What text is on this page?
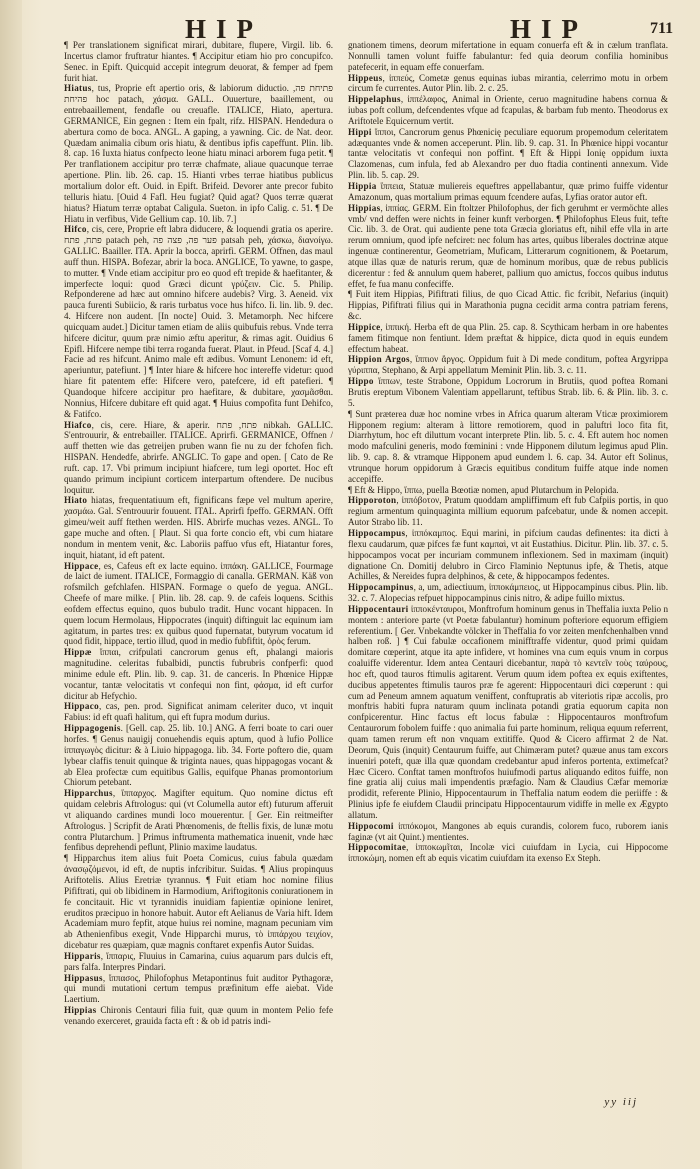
HIP	HIP	711

¶ Per translationem significat mirari, dubitare, flupere, Virgil. lib. 6. Incertus clamor fruftratur hiantes. ¶ Accipitur etiam hio pro concupifco. Senec. in Epift. Quicquid accepit integrum deuorat, & femper ad fpem furit hiat.

Hiatus, tus, Proprie eft apertio oris, & labiorum diductio. פתיחת פה, פהיחת hoc patach, χάσμα. GALL. Ouuerture, baaillement, ou entrebaaillement, fendafle ou creuafle. ITALICE, Hiato, apertura. GERMANICE, Ein gegnen : Item ein fpalt, rifz. HISPAN. Hendedura o abertura como de boca. ANGL. A gaping, a yawning. Cic. de Nat. deor. Quædam animalia cibum oris hiatu, & dentibus ipfis capeffunt. Plin. lib. 8. cap. 16 Iuxta hiatus confpecto leone hiatu minaci arborem fuga petit. ¶ Per tranflationem accipitur pro terræ chafmate, aliaue quacunque terrae apertione. Plin. lib. 26. cap. 15. Hianti vrbes terrae hiatibus publicus mortalium dolor eft. Ouid. in Epift. Brifeid. Devorer ante precor fubito telluris hiatu. [Ouid 4 Fafl. Heu fugiat? Quid agat? Quos terræ quærat hiatus? Hiatum terræ optabat Caligula. Sueton. in ipfo Calig. c. 51. ¶ De Hiatu in verfibus, Vide Gellium cap. 10. lib. 7.]

Hifco, cis, cere, Proprie eft labra diducere, & loquendi gratia os aperire. פתח, פתח patach peh, פער פה, פצה פה patsah peh, χάσκω, διανοίγω. GALLIC. Baailler. ITA. Aprir la bocca, aprirfi. GERM. Offnen, das maul auff thun. HISPA. Bofezar, abrir la boca. ANGLICE, To yawne, to gaspe, to mutter. ¶ Vnde etiam accipitur pro eo quod eft trepide & haefitanter, & imperfecte loqui: quod Græci dicunt γρύζειν. Cic. 5. Philip. Refponderene ad hæc aut omnino hifcere audebis? Virg. 3. Aeneid. vix pauca furenti Subiicio, & raris turbatus voce hus hifco. Ii. lin. lib. 9. dec. 4. Hifcere non audent. [In nocte] Ouid. 3. Metamorph. Nec hifcere quicquam audet.] Dicitur tamen etiam de aliis quibufuis rebus. Vnde terra hifcere dicitur, quum præ nimio æftu aperitur, & rimas agit. Ouidius 6 Epifl. Hifcere nempe tibi terra roganda fuerat. Plaut. in Pfeud. [Scaf 4. 4.] Facie ad res hifcunt. Animo male eft ædibus. Vomunt Lenonem: id eft, aperiuntur, patefiunt. ] ¶ Inter hiare & hifcere hoc intereffe videtur: quod hiare fit patentem effe: Hifcere vero, patefcere, id eft patefieri. ¶ Quandoque hifcere accipitur pro haefitare, & dubitare, χασμᾶσθαι. Nonnius, Hifcere dubitare eft quid agat. ¶ Huius compofita funt Dehifco, & Fatifco.

Hiafco, cis, cere. Hiare, & aperir. פתח, פתח nibkah. GALLIC. S'entrouurir, & entrebailler. ITALICE. Aprirfi. GERMANICE, Offnen / auff thetten wie das getreijen pruben wann fie nu zu der fchofen fich. HISPAN. Hendedfe, abrirfe. ANGLIC. To gape and open. [ Cato de Re ruft. cap. 17. Vbi primum incipiunt hiafcere, tum legi oportet. Hoc eft quando primum incipiunt corticem interpartum oftendere. De nucibus loquitur.

Hiato hiatas, frequentatiuum eft, fignificans fæpe vel multum aperire, χασμάω. Gal. S'entrouurir fouuent. ITAL. Aprirfi fpeffo. GERMAN. Offt gimeu/weit auff ftethen werden. HIS. Abrirfe muchas vezes. ANGL. To gape muche and often. [ Plaut. Si qua forte concio eft, vbi cum hiatare nondum in mentem venit, &c. Laboriis paffuo vfus eft, Hiatantur fores, inquit, hiatant, id eft patent.

Hippace, es, Cafeus eft ex lacte equino. ἱππάκη. GALLICE, Fourmage de laict de iument. ITALICE, Formaggio di canalla. GERMAN. Käß von rofsmilch gefchlafen. HISPAN. Formage o quefo de yegua. ANGL. Cheefe of mare milke. [ Plin. lib. 28. cap. 9. de cafeis loquens. Scithis eofdem effectus equino, quos bubulo tradit. Hunc vocant hippacen. In quem locum Hermolaus, Hippocrates (inquit) diftinguit lac equinum iam agitatum, in partes tres: ex quibus quod fupernatat, butyrum vocatum id quod fidit, hippace, tertio illud, quod in medio fubfiftit, ὀρὸς ferum.

Hippæ ἵππαι, crifpulati cancrorum genus eft, phalangi maioris magnitudine. celeritas fubalbidi, punctis fubrubris confperfi: quod minime edule eft. Plin. lib. 9. cap. 31. de canceris. In Phœnice Hippæ vocantur, tantæ velocitatis vt confequi non fint, φάσμα, id eft curfor dicitur ab Hefychio.

Hippaco, cas, pen. prod. Significat animam celeriter duco, vt inquit Fabius: id eft quafi halitum, qui eft fupra modum durius.

Hippagogenis. [Gell. cap. 25. lib. 10.] ANG. A ferri boate to cari ouer horfes. ¶ Genus nauigij conuehendis equis aptum, quod à lufio Pollice ἱππαγωγὸς dicitur: & à Liuio hippagoga. lib. 34. Forte poftero die, quam lybear claffis tenuit quinque & triginta naues, quas hippagogas vocant & ab Elea profectæ cum equitibus Gallis, equifque Phanas promontorium Chiorum petebant.

Hipparchus, ἵππαρχος. Magifter equitum. Quo nomine dictus eft quidam celebris Aftrologus: qui (vt Columella autor eft) futurum afferuit vt aliquando cardines mundi loco mouerentur. [ Ger. Ein reitmeifter Aftrologus. ] Scripfit de Arati Phœnomenis, de ftellis fixis, de lunæ motu contra Plutarchum. ] Primus inftrumenta mathematica inuenit, vnde hæc fenfibus deprehendi peflunt, Plinio maxime laudatus.

¶ Hipparchus item alius fuit Poeta Comicus, cuius fabula quædam ἀνασῳζόμενοι, id eft, de nuptis infcribitur. Suidas. ¶ Alius propinquus Ariftotelis. Alius Eretriæ tyrannus. ¶ Fuit etiam hoc nomine filius Pififtrati, qui ob libidinem in Harmodium, Ariftogitonis coniurationem in fe concitauit. Hic vt tyrannidis inuidiam fapientiæ opinione leniret, eruditos præcipuo in honore habuit. Autor eft Aelianus de Varia hift. Idem Academiam muro fepfit, atque huius rei nomine, magnam pecuniam vim ab Athenienfibus exegit, Vnde Hipparchi murus, τὸ ἱππάρχου τειχίον, dicebatur res quæpiam, quæ magnis conftaret expenfis Autor Suidas.

Hipparis, ἵππαρις, Fluuius in Camarina, cuius aquarum pars dulcis eft, pars falfa. Interpres Pindari.

Hippasus, ἵππασος, Philofophus Metapontinus fuit auditor Pythagoræ, qui mundi mutationi certum tempus præfinitum effe aiebat. Vide Laertium.

Hippias Chironis Centauri filia fuit, quæ quum in montem Pelio fefe venando exerceret, grauida facta eft : & ob id patris indi-

gnationem timens, deorum mifertatione in equam conuerfa eft & in cælum tranflata. Nonnulli tamen volunt fuiffe fabulantur: fed quia deorum confilia hominibus patefecerit, in equam effe conuerfam.

Hippeus, ἱππεύς, Cometæ genus equinas iubas mirantia, celerrimo motu in orbem circum fe currentes. Autor Plin. lib. 2. c. 25.

Hippelaphus, ἱππέλαφος, Animal in Oriente, ceruo magnitudine habens cornua & iubas poft collum, defcendentes vfque ad fcapulas, & barbam fub mento. Theodorus ex Ariftotele Equicernum vertit.

Hippi ἵπποι, Cancrorum genus Phœnicię peculiare equorum propemodum celeritatem adæquantes vnde & nomen acceperunt. Plin. lib. 9. cap. 31. In Phœnice hippi vocantur tantæ velocitatis vt confequi non poffint. ¶ Eft & Hippi Ionię oppidum iuxta Clazomenas, cum infula, fed ab Alexandro per duo ftadia continenti annexum. Vide Plin. lib. 5. cap. 29.

Hippia ἵππεια, Statuæ muliereis equeftres appellabantur, quæ primo fuiffe videntur Amazonum, quas mortalium primas equum fcendere aufas, Lyfias orator autor eft.

Hippias, ἱππίας. GERM. Ein ftoltzer Philofophus, der fich geruhmt er vermöchte alles vmb/ vnd deffen were nichts in feiner kunft verborgen. ¶ Philofophus Eleus fuit, tefte Cic. lib. 3. de Orat. qui audiente pene tota Græcia gloriatus eft, nihil effe vlla in arte rerum omnium, quod ipfe nefciret: nec folum has artes, quibus liberales doctrinæ atque ingenuæ continerentur, Geometriam, Muficam, Litterarum cognitionem, & Poetarum, atque illas quæ de naturis rerum, quæ de hominum moribus, quæ de rebus publicis dicerentur : fed & annulum quem haberet, pallium quo amictus, foccos quibus indutus effet, fe fua manu confeciffe.

¶ Fuit item Hippias, Pififtrati filius, de quo Cicad Attic. fic fcribit, Nefarius (inquit) Hippias, Pififtrati filius qui in Marathonia pugna cecidit arma contra patriam ferens, &c.

Hippice, ἱππική. Herba eft de qua Plin. 25. cap. 8. Scythicam herbam in ore habentes famem fitimque non fentiunt. Idem præftat & hippice, dicta quod in equis eundem effectum habeat.

Hippion Argos, ἵππιον ἄργος. Oppidum fuit à Di mede conditum, poftea Argyrippa γύριππα, Stephano, & Arpi appellatum Meminit Plin. lib. 3. c. 11.

Hippo ἵππων, teste Strabone, Oppidum Locrorum in Brutiis, quod poftea Romani Brutis ereptum Vibonem Valentiam appellarunt, teftibus Strab. lib. 6. & Plin. lib. 3. c. 5.

¶ Sunt præterea duæ hoc nomine vrbes in Africa quarum alteram Vticæ proximiorem Hipponem regium: alteram à littore remotiorem, quod in paluftri loco fita fit, Diarrhytum, hoc eft diluttum vocant interprete Plin. lib. 5. c. 4. Eft autem hoc nomen modo mafculini generis, modo fœminini : vnde Hipponem dilutum legimus apud Plin. lib. 9. cap. 8. & vtramque Hipponem apud eundem l. 6. cap. 34. Autor eft Solinus, vtrunque horum oppidorum à Græcis equitibus conditum fuiffe atque inde nomen accepiffe.

¶ Eft & Hippo, ἵππω, puella Bœotiæ nomen, apud Plutarchum in Pelopida.

Hipporoton, ἱππόβοτον, Pratum quoddam ampliffimum eft fub Cafpiis portis, in quo regium armentum quinquaginta millium equorum pafcebatur, unde & nomen accepit. Autor Strabo lib. 11.

Hippocampus, ἱππόκαμπος. Equi marini, in pifcium caudas definentes: ita dicti à flexu caudarum, quæ pifces fæ funt καμπαὶ, vt ait Eustathius. Dicitur. Plin. lib. 37. c. 5. hippocampos vocat per incuriam communem inflexionem. Sed in maximam (inquit) dignatione Cn. Domitij delubro in Circo Flaminio Neptunus ipfe, & Thetis, atque Achilles, & Nereides fupra delphinos, & cete, & hippocampos fedentes.

Hippocampinus, a, um, adiectiuum, ἱπποκάμπειος, ut Hippocampinus cibus. Plin. lib. 32. c. 7. Alopecias refpuet hippocampinus cinis nitro, & adipe fuillo mixtus.

Hippocentauri ἱπποκένταυροι, Monftrofum hominum genus in Theffalia iuxta Pelio n montem : anteriore parte (vt Poetæ fabulantur) hominum pofteriore equorum effigiem referentium. [ Ger. Vnbekandte völcker in Theffalia fo vor zeiten menfchenhalben vnnd halben roß. ] ¶ Cui fabulæ occafionem minifftraffe videntur, quod primi quidam domitare cœperint, atque ita apte infidere, vt homines vna cum equis vnum in corpus coaluiffe viderentur. Idem antea Centauri dicebantur, παρὰ τὸ κεντεῖν τοὺς ταύρους, hoc eft, quod tauros ftimulis agitarent. Verum quum idem poftea ex equis exiftentes, ducibus appetentes ftimulis tauros præ fe agerent: Hippocentauri dici cœperunt : qui cum ad Peneum amnem aquatum veniffent, conftupratis ab viteriotis ripæ accolis, pro monftris habiti fupra naturam quum inclinata potandi gratia equorum capita non confpicerentur. Hinc factus eft locus fabulæ : Hippocentauros monftrofum Centaurorum fobolem fuiffe : quo animalia fui parte hominum, reliqua equum referrent, quam tamen rerum eft non vnquam extitiffe. Quod & Cicero affirmat 2 de Nat. Deorum, Quis (inquit) Centaurum fuiffe, aut Chimæram putet? quæue anus tam excors inueniri poteft, quæ illa quæ quondam credebantur apud inferos portenta, extimefcat? Hæc Cicero. Conftat tamen monftrofos huiufmodi partus aliquando editos fuiffe, non fine gratia alij cuius mali impendentis præfagio. Nam & Claudius Cæfar memoriæ prodidit, referente Plinio, Hippocentaurum in Theffalia natum eodem die periiffe : & Plinius ipfe fe eiufdem Claudii principatu Hippocentaurum vidiffe in melle ex Ægypto allatum.

Hippocomi ἱππόκομοι, Mangones ab equis curandis, colorem fuco, ruborem ianis faginæ (vt ait Quint.) mentientes.

Hippocomitae, ἱπποκωμῖται, Incolæ vici cuiufdam in Lycia, cui Hippocome ἱπποκώμη, nomen eft ab equis vicatim cuiufdam ita exenso Ex Steph.

yy iij
